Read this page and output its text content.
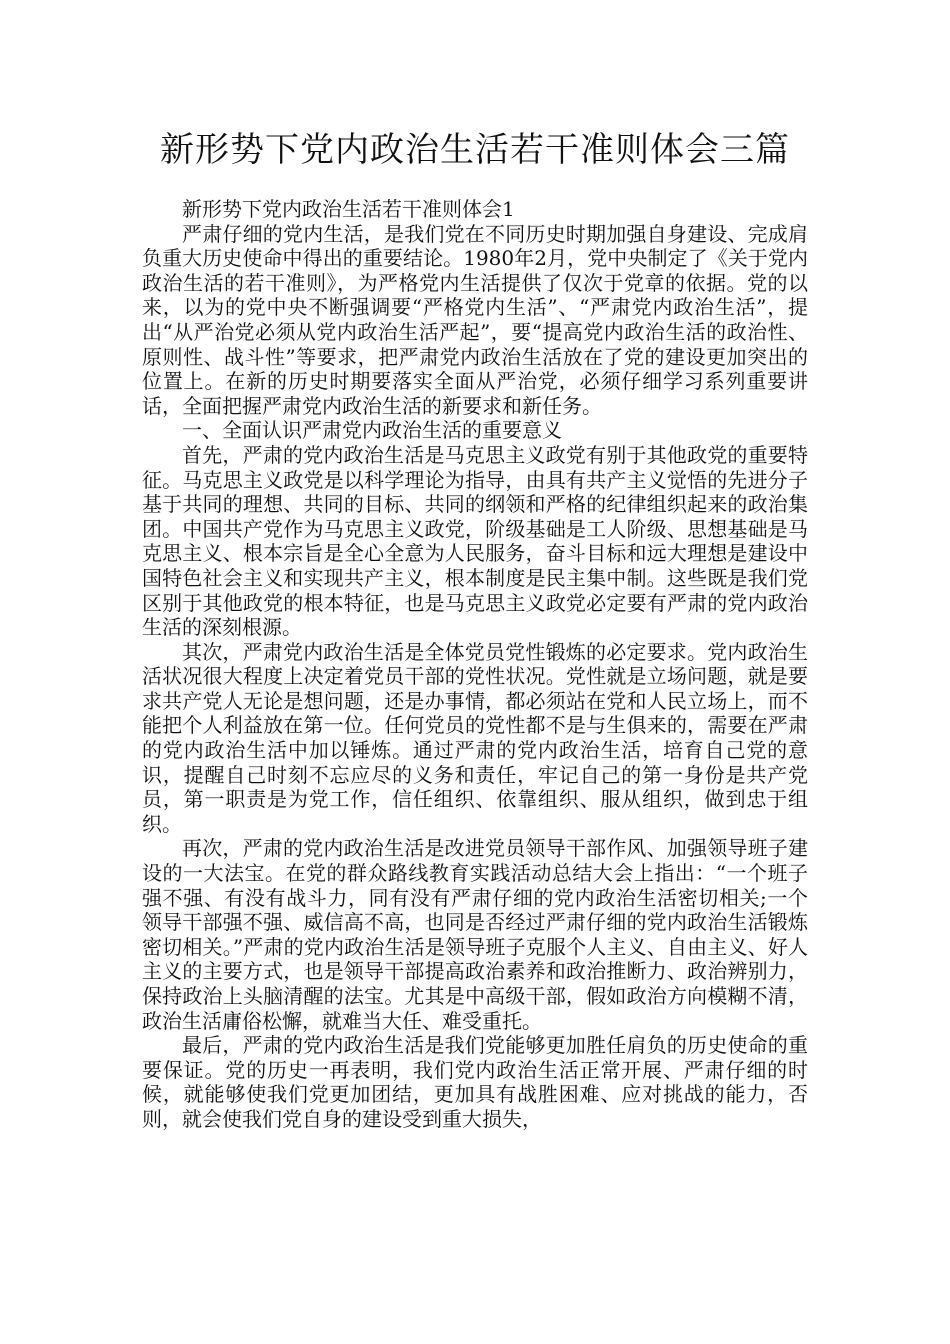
新形势下党内政治生活若干准则体会三篇

新形势下党内政治生活若干准则体会1

严肃仔细的党内生活，是我们党在不同历史时期加强自身建设、完成肩负重大历史使命中得出的重要结论。1980年2月，党中央制定了《关于党内政治生活的若干准则》，为严格党内生活提供了仅次于党章的依据。党的以来，以为的党中央不断强调要“严格党内生活”、“严肃党内政治生活”，提出“从严治党必须从党内政治生活严起”，要“提高党内政治生活的政治性、原则性、战斗性”等要求，把严肃党内政治生活放在了党的建设更加突出的位置上。在新的历史时期要落实全面从严治党，必须仔细学习系列重要讲话，全面把握严肃党内政治生活的新要求和新任务。

一、全面认识严肃党内政治生活的重要意义

首先，严肃的党内政治生活是马克思主义政党有别于其他政党的重要特征。马克思主义政党是以科学理论为指导，由具有共产主义觉悟的先进分子基于共同的理想、共同的目标、共同的纲领和严格的纪律组织起来的政治集团。中国共产党作为马克思主义政党，阶级基础是工人阶级、思想基础是马克思主义、根本宗旨是全心全意为人民服务，奋斗目标和远大理想是建设中国特色社会主义和实现共产主义，根本制度是民主集中制。这些既是我们党区别于其他政党的根本特征，也是马克思主义政党必定要有严肃的党内政治生活的深刻根源。

其次，严肃党内政治生活是全体党员党性锻炼的必定要求。党内政治生活状况很大程度上决定着党员干部的党性状况。党性就是立场问题，就是要求共产党人无论是想问题，还是办事情，都必须站在党和人民立场上，而不能把个人利益放在第一位。任何党员的党性都不是与生俱来的，需要在严肃的党内政治生活中加以锤炼。通过严肃的党内政治生活，培育自己党的意识，提醒自己时刻不忘应尽的义务和责任，牢记自己的第一身份是共产党员，第一职责是为党工作，信任组织、依靠组织、服从组织，做到忠于组织。

再次，严肃的党内政治生活是改进党员领导干部作风、加强领导班子建设的一大法宝。在党的群众路线教育实践活动总结大会上指出：“一个班子强不强、有没有战斗力，同有没有严肃仔细的党内政治生活密切相关;一个领导干部强不强、威信高不高，也同是否经过严肃仔细的党内政治生活锻炼密切相关。”严肃的党内政治生活是领导班子克服个人主义、自由主义、好人主义的主要方式，也是领导干部提高政治素养和政治推断力、政治辨别力，保持政治上头脑清醒的法宝。尤其是中高级干部，假如政治方向模糊不清，政治生活庸俗松懈，就难当大任、难受重托。

最后，严肃的党内政治生活是我们党能够更加胜任肩负的历史使命的重要保证。党的历史一再表明，我们党内政治生活正常开展、严肃仔细的时候，就能够使我们党更加团结，更加具有战胜困难、应对挑战的能力，否则，就会使我们党自身的建设受到重大损失，
